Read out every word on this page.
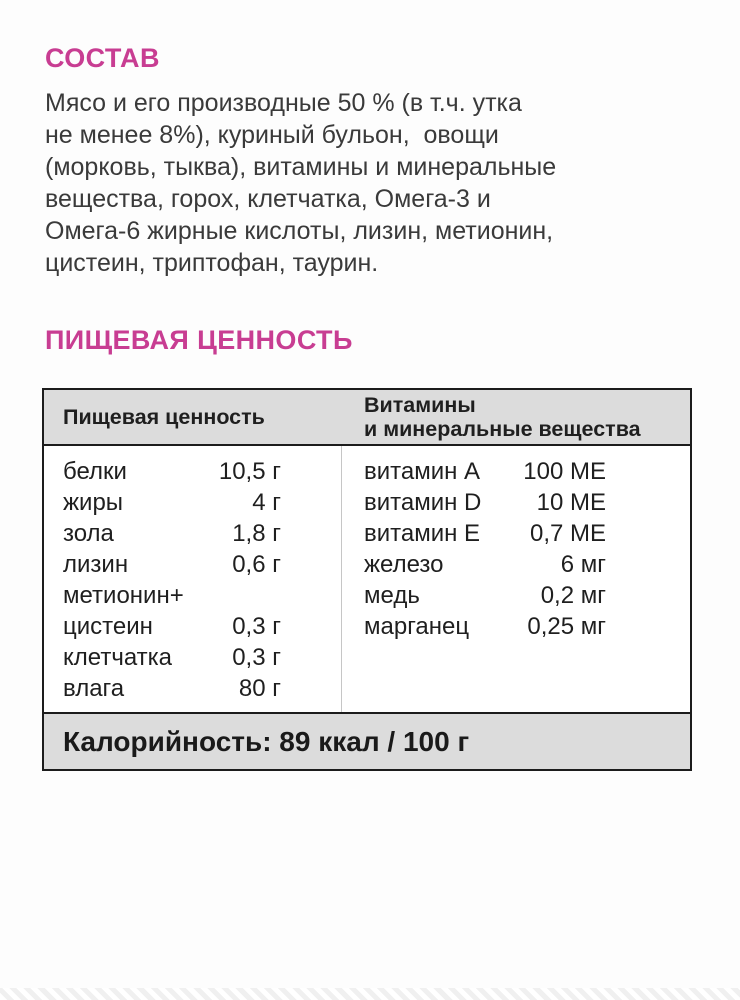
СОСТАВ
Мясо и его производные 50 % (в т.ч. утка
не менее 8%), куриный бульон,  овощи
(морковь, тыква), витамины и минеральные
вещества, горох, клетчатка, Омега-3 и
Омега-6 жирные кислоты, лизин, метионин,
цистеин, триптофан, таурин.
ПИЩЕВАЯ ЦЕННОСТЬ
Пищевая ценность	Витамины
и минеральные вещества
белки	10,5 г
жиры	4 г
зола	1,8 г
лизин	0,6 г
метионин+
цистеин	0,3 г
клетчатка	0,3 г
влага	80 г
витамин A 100 МЕ
витамин D 10 МЕ
витамин E 0,7 МЕ
железо	6 мг
медь	0,2 мг
марганец 0,25 мг
Калорийность: 89 ккал / 100 г
